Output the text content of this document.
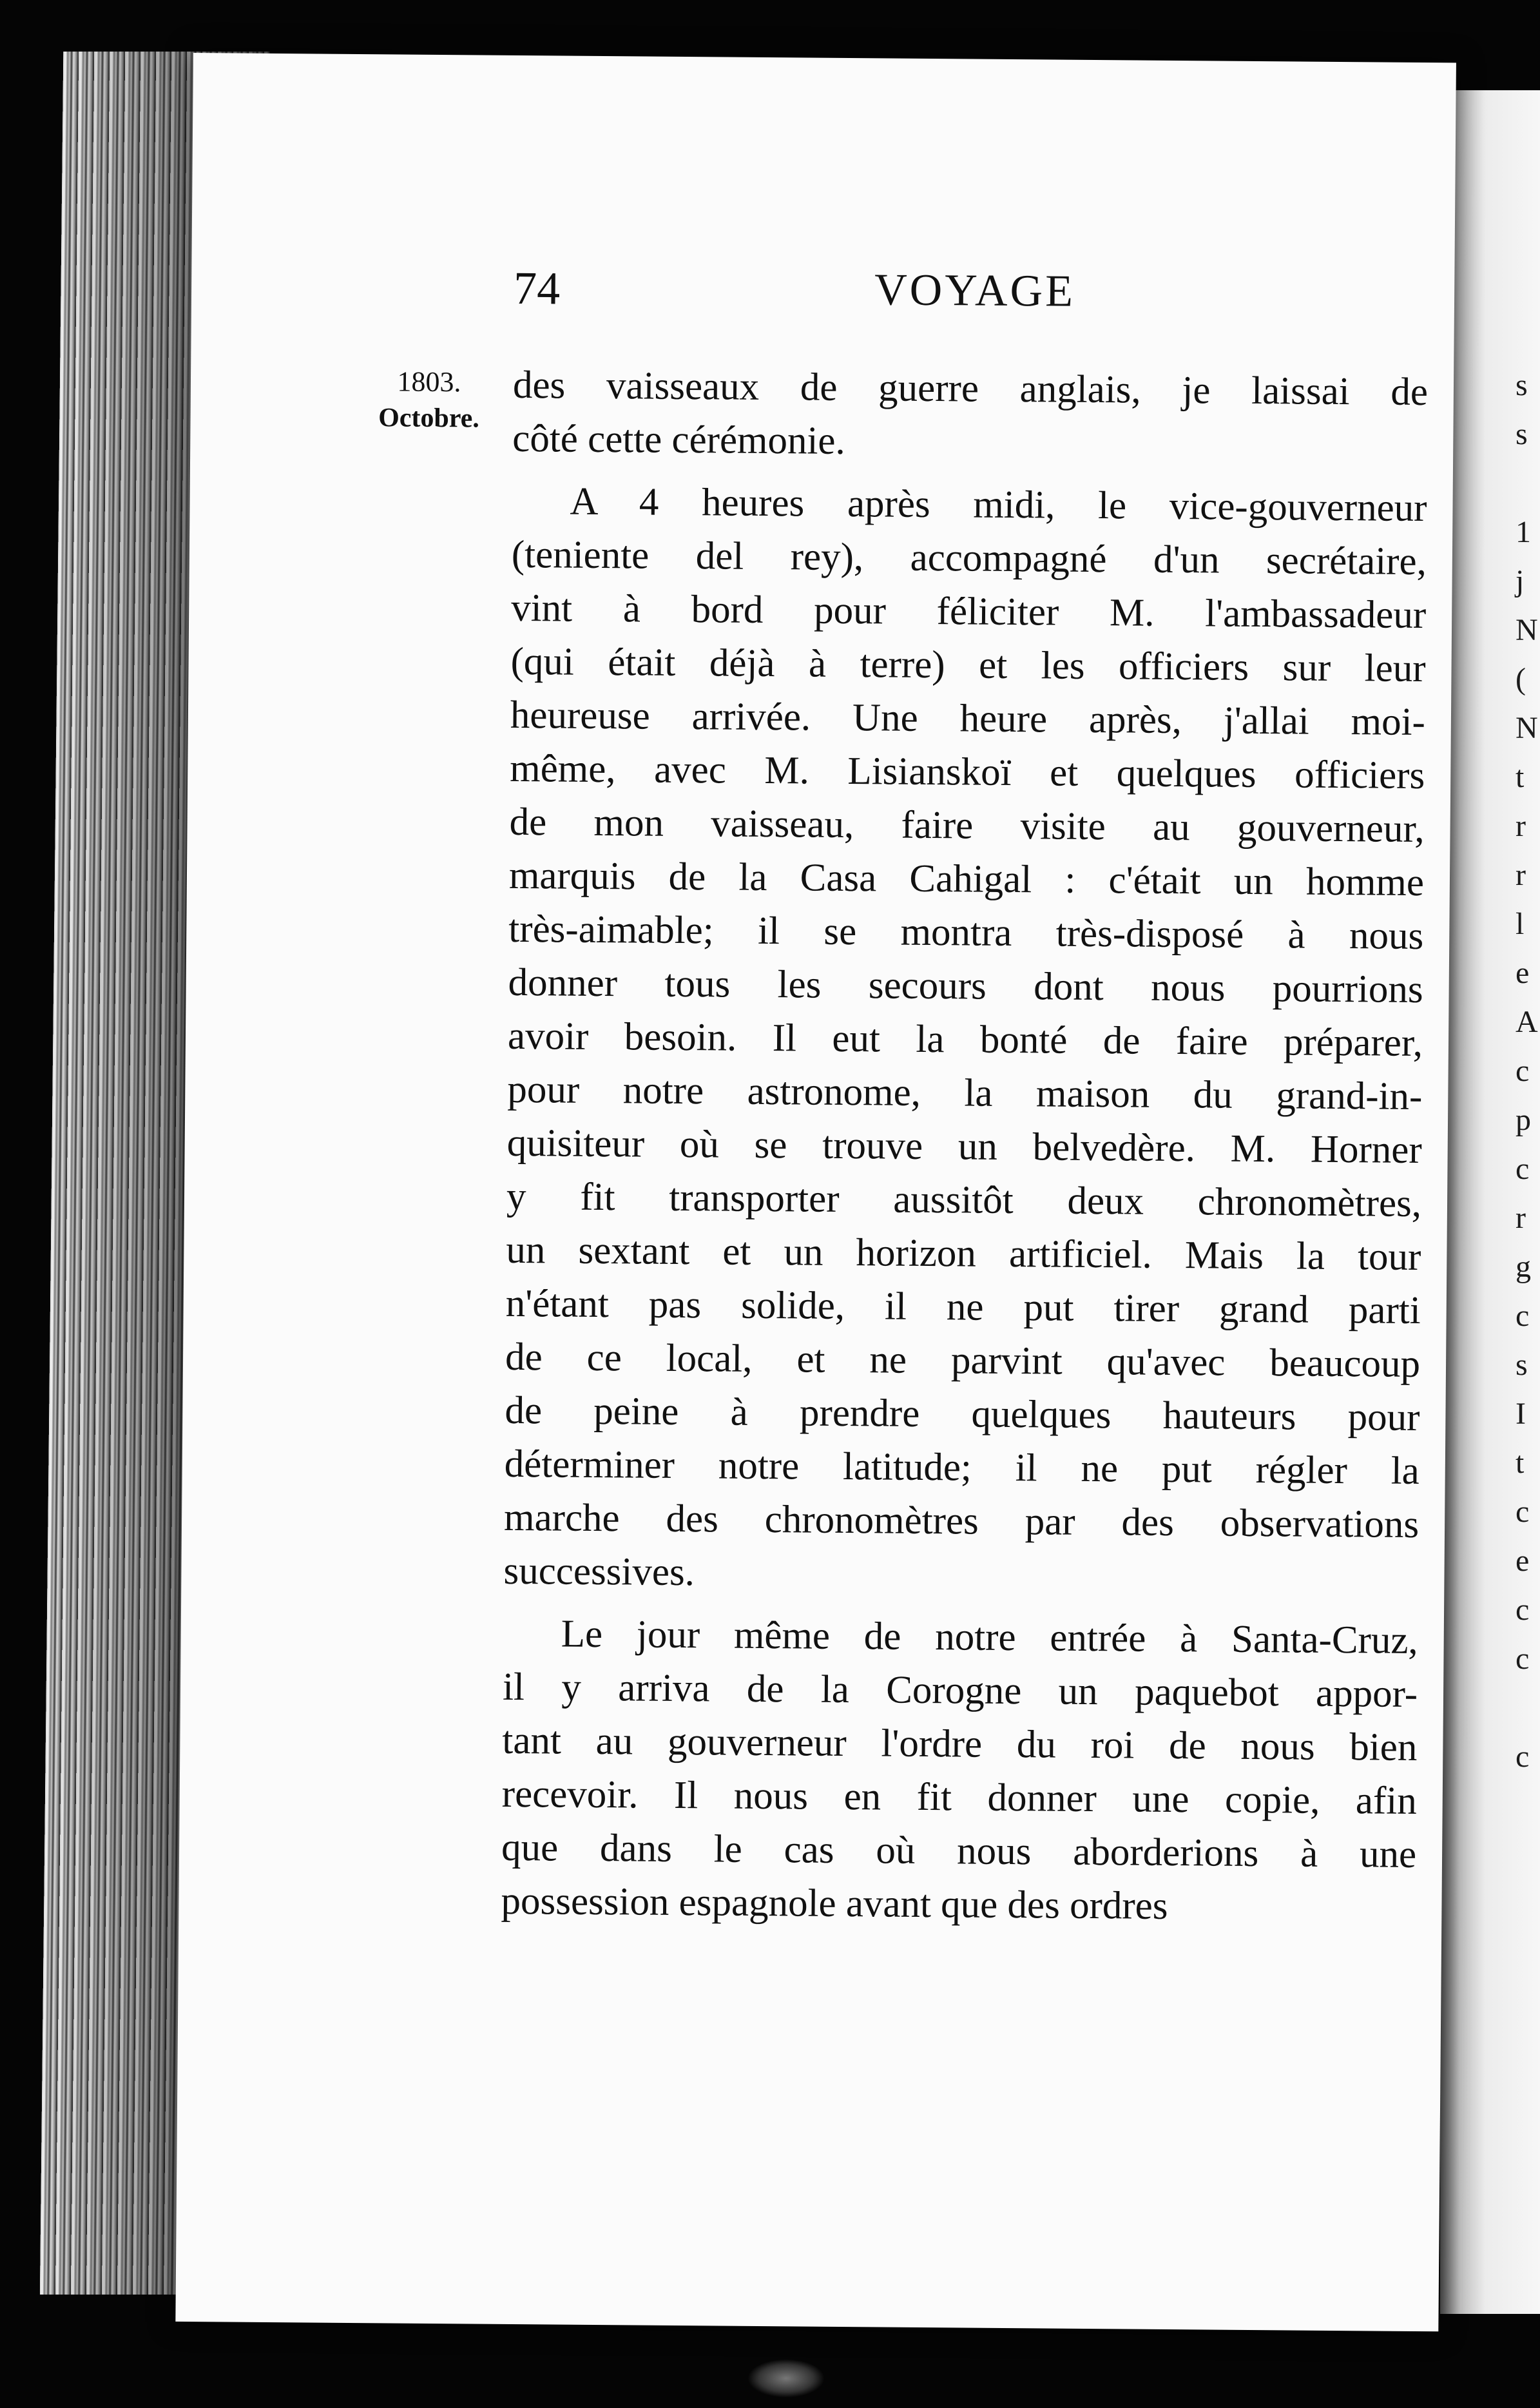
s
s
1
j
N
(
N
t
r
r
l
e
A
c
p
c
r
g
c
s
I
t
c
e
c
c
c
74	VOYAGE
1803.
Octobre.
des vaisseaux de guerre anglais, je laissai de
côté cette cérémonie.
A 4 heures après midi, le vice-gouverneur
(teniente del rey), accompagné d'un secrétaire,
vint à bord pour féliciter M. l'ambassadeur
(qui était déjà à terre) et les officiers sur leur
heureuse arrivée. Une heure après, j'allai moi-
même, avec M. Lisianskoï et quelques officiers
de mon vaisseau, faire visite au gouverneur,
marquis de la Casa Cahigal : c'était un homme
très-aimable; il se montra très-disposé à nous
donner tous les secours dont nous pourrions
avoir besoin. Il eut la bonté de faire préparer,
pour notre astronome, la maison du grand-in-
quisiteur où se trouve un belvedère. M. Horner
y fit transporter aussitôt deux chronomètres,
un sextant et un horizon artificiel. Mais la tour
n'étant pas solide, il ne put tirer grand parti
de ce local, et ne parvint qu'avec beaucoup
de peine à prendre quelques hauteurs pour
déterminer notre latitude; il ne put régler la
marche des chronomètres par des observations
successives.
Le jour même de notre entrée à Santa-Cruz,
il y arriva de la Corogne un paquebot appor-
tant au gouverneur l'ordre du roi de nous bien
recevoir. Il nous en fit donner une copie, afin
que dans le cas où nous aborderions à une
possession espagnole avant que des ordres
